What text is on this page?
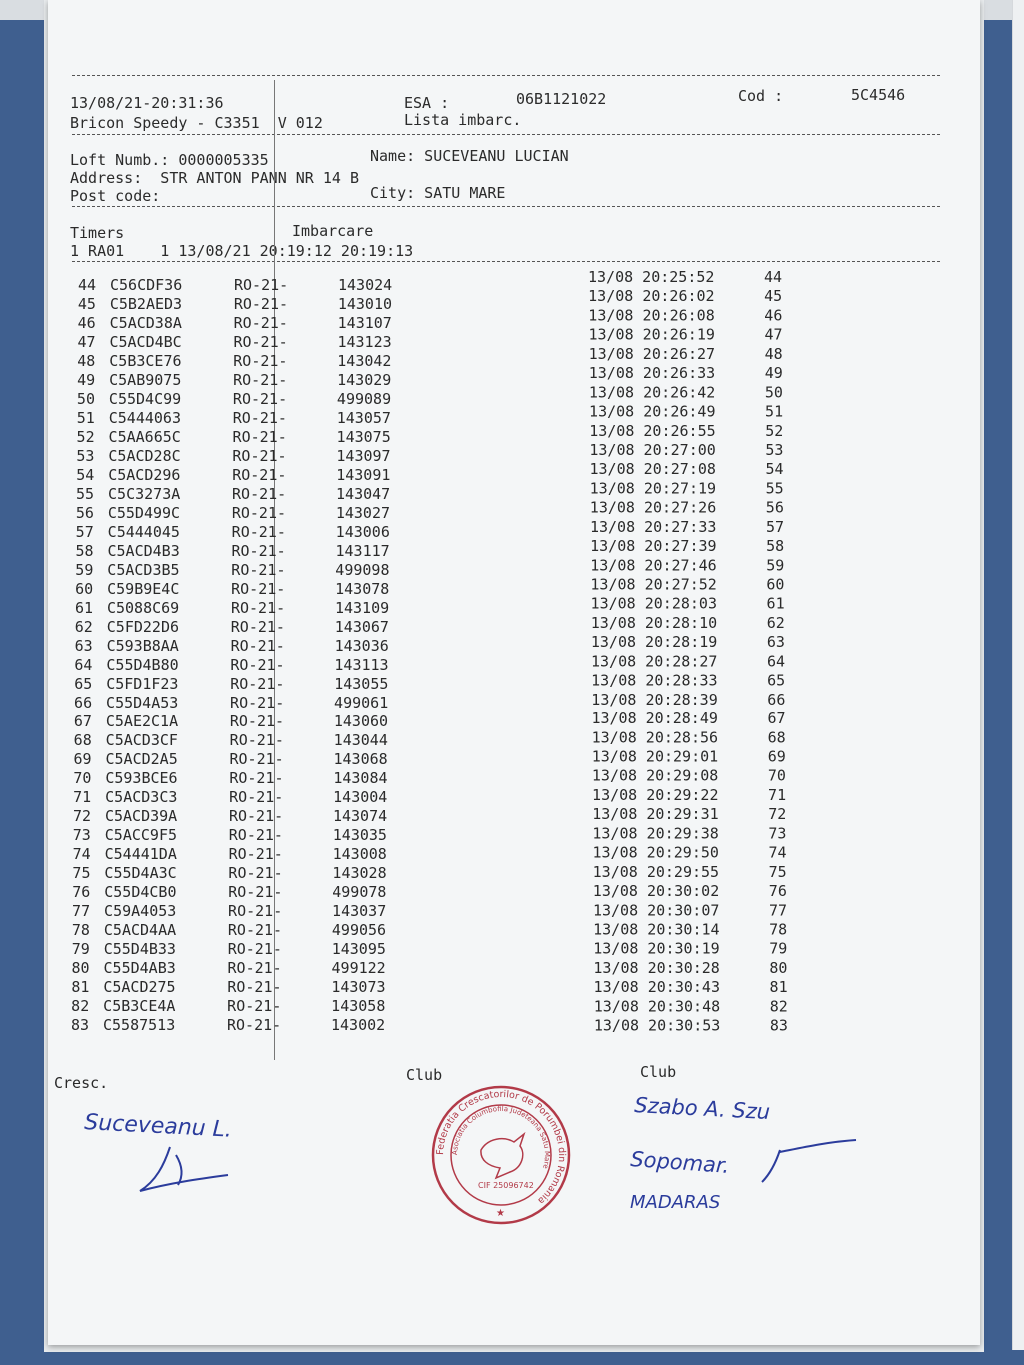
13/08/21-20:31:36	ESA :	06B1121022	Cod :	5C4546
Bricon Speedy - C3351  V 012	Lista imbarc.
Loft Numb.: 0000005335	Name: SUCEVEANU LUCIAN
Address:  STR ANTON PANN NR 14 B
Post code:	City: SATU MARE
Timers	Imbarcare
1 RA01    1 13/08/21 20:19:12 20:19:13
44 C56CDF36	RO-21-	143024	13/08 20:25:52	44
45 C5B2AED3	RO-21-	143010	13/08 20:26:02	45
46 C5ACD38A	RO-21-	143107	13/08 20:26:08	46
47 C5ACD4BC	RO-21-	143123	13/08 20:26:19	47
48 C5B3CE76	RO-21-	143042	13/08 20:26:27	48
49 C5AB9075	RO-21-	143029	13/08 20:26:33	49
50 C55D4C99	RO-21-	499089	13/08 20:26:42	50
51 C5444063	RO-21-	143057	13/08 20:26:49	51
52 C5AA665C	RO-21-	143075	13/08 20:26:55	52
53 C5ACD28C	RO-21-	143097	13/08 20:27:00	53
54 C5ACD296	RO-21-	143091	13/08 20:27:08	54
55 C5C3273A	RO-21-	143047	13/08 20:27:19	55
56 C55D499C	RO-21-	143027	13/08 20:27:26	56
57 C5444045	RO-21-	143006	13/08 20:27:33	57
58 C5ACD4B3	RO-21-	143117	13/08 20:27:39	58
59 C5ACD3B5	RO-21-	499098	13/08 20:27:46	59
60 C59B9E4C	RO-21-	143078	13/08 20:27:52	60
61 C5088C69	RO-21-	143109	13/08 20:28:03	61
62 C5FD22D6	RO-21-	143067	13/08 20:28:10	62
63 C593B8AA	RO-21-	143036	13/08 20:28:19	63
64 C55D4B80	RO-21-	143113	13/08 20:28:27	64
65 C5FD1F23	RO-21-	143055	13/08 20:28:33	65
66 C55D4A53	RO-21-	499061	13/08 20:28:39	66
67 C5AE2C1A	RO-21-	143060	13/08 20:28:49	67
68 C5ACD3CF	RO-21-	143044	13/08 20:28:56	68
69 C5ACD2A5	RO-21-	143068	13/08 20:29:01	69
70 C593BCE6	RO-21-	143084	13/08 20:29:08	70
71 C5ACD3C3	RO-21-	143004	13/08 20:29:22	71
72 C5ACD39A	RO-21-	143074	13/08 20:29:31	72
73 C5ACC9F5	RO-21-	143035	13/08 20:29:38	73
74 C54441DA	RO-21-	143008	13/08 20:29:50	74
75 C55D4A3C	RO-21-	143028	13/08 20:29:55	75
76 C55D4CB0	RO-21-	499078	13/08 20:30:02	76
77 C59A4053	RO-21-	143037	13/08 20:30:07	77
78 C5ACD4AA	RO-21-	499056	13/08 20:30:14	78
79 C55D4B33	RO-21-	143095	13/08 20:30:19	79
80 C55D4AB3	RO-21-	499122	13/08 20:30:28	80
81 C5ACD275	RO-21-	143073	13/08 20:30:43	81
82 C5B3CE4A	RO-21-	143058	13/08 20:30:48	82
83 C5587513	RO-21-	143002	13/08 20:30:53	83
Cresc.	Club	Club
Suceveanu L.
Federatia Crescatorilor de Porumbei din Romania
Asociatia Columbofila Judeteana Satu Mare
CIF 25096742
★
Szabo A. Szu
Sopomar.
MADARAS
